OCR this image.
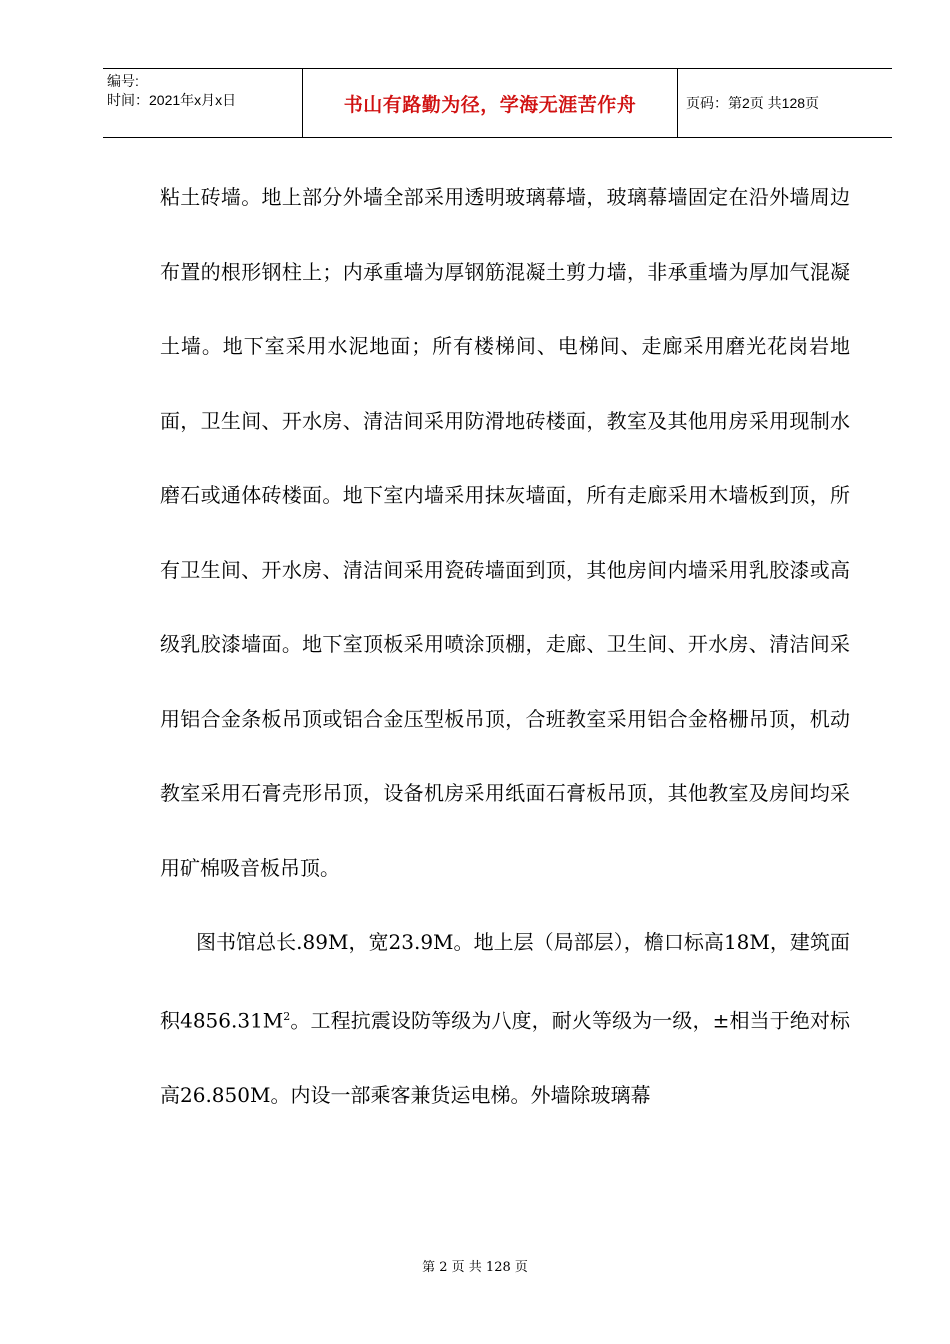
编号:
时间：2021年x月x日	书山有路勤为径，学海无涯苦作舟	页码：第2页 共128页

粘土砖墙。地上部分外墙全部采用透明玻璃幕墙，玻璃幕墙固定在沿外墙周边布置的根形钢柱上；内承重墙为厚钢筋混凝土剪力墙，非承重墙为厚加气混凝土墙。地下室采用水泥地面；所有楼梯间、电梯间、走廊采用磨光花岗岩地面，卫生间、开水房、清洁间采用防滑地砖楼面，教室及其他用房采用现制水磨石或通体砖楼面。地下室内墙采用抹灰墙面，所有走廊采用木墙板到顶，所有卫生间、开水房、清洁间采用瓷砖墙面到顶，其他房间内墙采用乳胶漆或高级乳胶漆墙面。地下室顶板采用喷涂顶棚，走廊、卫生间、开水房、清洁间采用铝合金条板吊顶或铝合金压型板吊顶，合班教室采用铝合金格栅吊顶，机动教室采用石膏壳形吊顶，设备机房采用纸面石膏板吊顶，其他教室及房间均采用矿棉吸音板吊顶。

图书馆总长.89M，宽23.9M。地上层（局部层），檐口标高18M，建筑面积$4856.31M^2$。工程抗震设防等级为八度，耐火等级为一级，±相当于绝对标高26.850M。内设一部乘客兼货运电梯。外墙除玻璃幕

第 2 页 共 128 页
